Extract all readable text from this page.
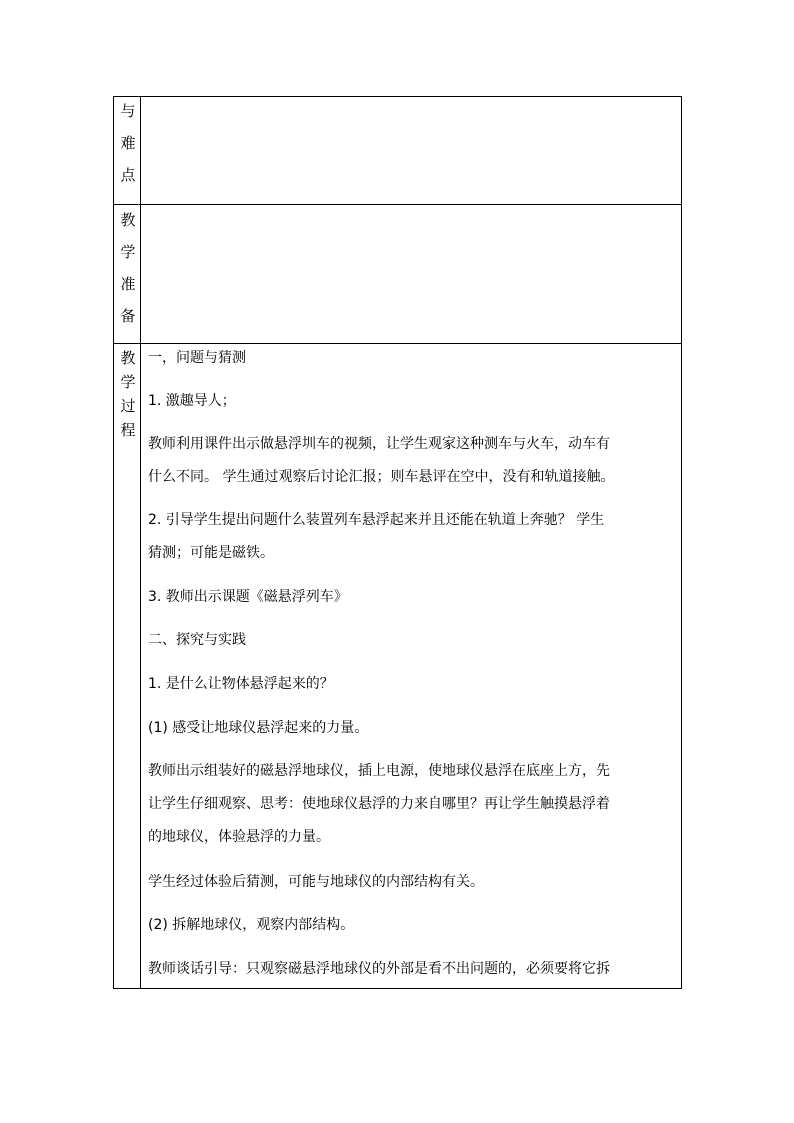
与
难
点
教
学
准
备
教
学
过
程
一，问题与猜测
1. 激趣导人；
教师利用课件出示做悬浮圳车的视频，让学生观家这种测车与火车，动车有
什么不同。 学生通过观察后讨论汇报；则车悬评在空中，没有和轨道接触。
2. 引导学生提出问题什么装置列车悬浮起来并且还能在轨道上奔驰？ 学生
猜测；可能是磁铁。
3. 教师出示课题《磁悬浮列车》
二、探究与实践
1. 是什么让物体悬浮起来的？
(1) 感受让地球仪悬浮起来的力量。
教师出示组装好的磁悬浮地球仪，插上电源，使地球仪悬浮在底座上方，先
让学生仔细观察、思考：使地球仪悬浮的力来自哪里？再让学生触摸悬浮着
的地球仪，体验悬浮的力量。
学生经过体验后猜测，可能与地球仪的内部结构有关。
(2) 拆解地球仪，观察内部结构。
教师谈话引导：只观察磁悬浮地球仪的外部是看不出问题的，必须要将它拆
